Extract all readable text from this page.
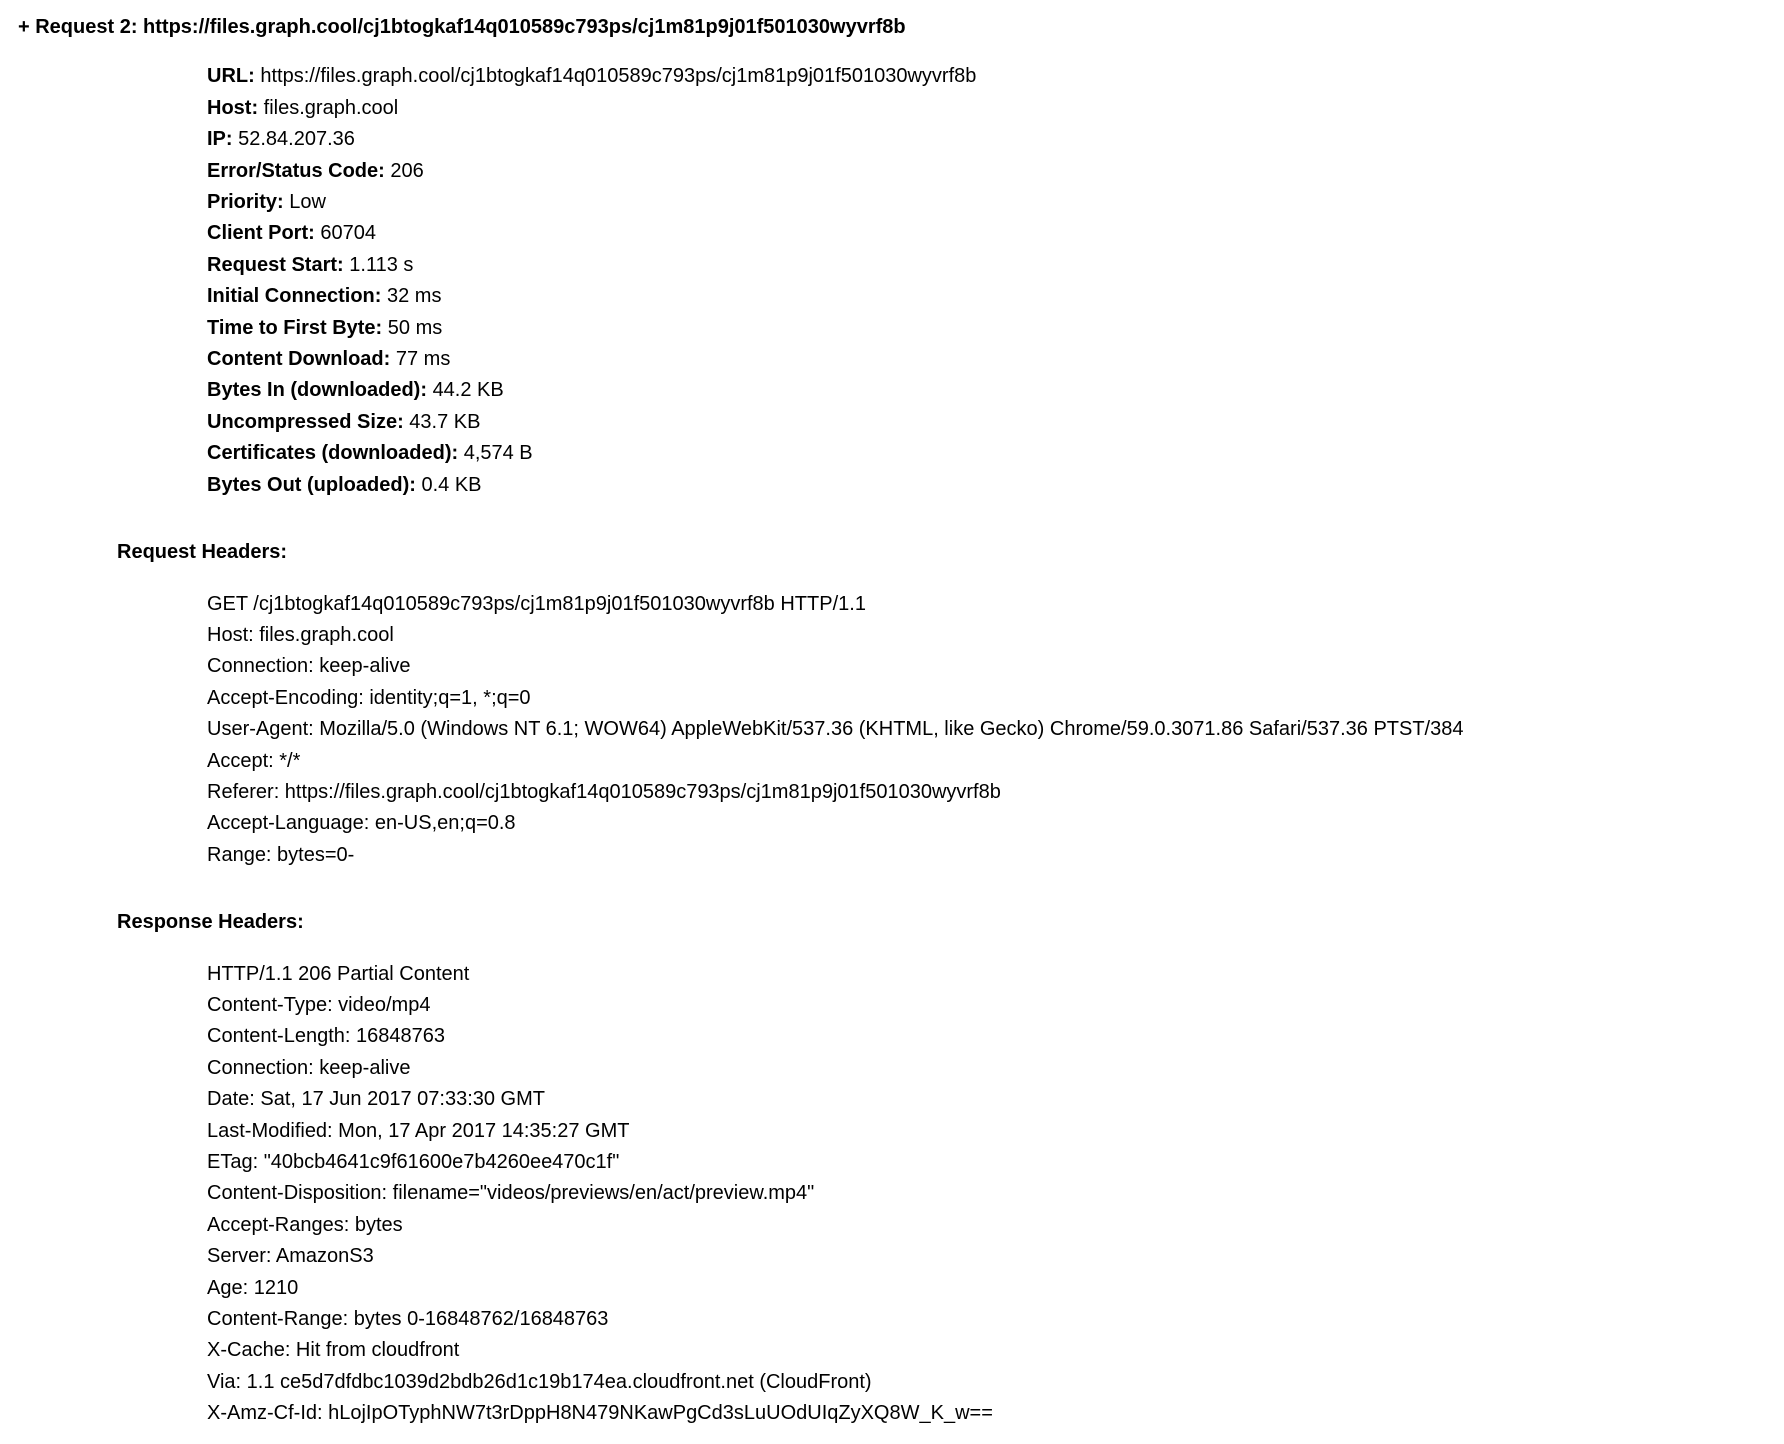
+ Request 2: https://files.graph.cool/cj1btogkaf14q010589c793ps/cj1m81p9j01f501030wyvrf8b
URL: https://files.graph.cool/cj1btogkaf14q010589c793ps/cj1m81p9j01f501030wyvrf8b
Host: files.graph.cool
IP: 52.84.207.36
Error/Status Code: 206
Priority: Low
Client Port: 60704
Request Start: 1.113 s
Initial Connection: 32 ms
Time to First Byte: 50 ms
Content Download: 77 ms
Bytes In (downloaded): 44.2 KB
Uncompressed Size: 43.7 KB
Certificates (downloaded): 4,574 B
Bytes Out (uploaded): 0.4 KB
Request Headers:
GET /cj1btogkaf14q010589c793ps/cj1m81p9j01f501030wyvrf8b HTTP/1.1
Host: files.graph.cool
Connection: keep-alive
Accept-Encoding: identity;q=1, *;q=0
User-Agent: Mozilla/5.0 (Windows NT 6.1; WOW64) AppleWebKit/537.36 (KHTML, like Gecko) Chrome/59.0.3071.86 Safari/537.36 PTST/384
Accept: */*
Referer: https://files.graph.cool/cj1btogkaf14q010589c793ps/cj1m81p9j01f501030wyvrf8b
Accept-Language: en-US,en;q=0.8
Range: bytes=0-
Response Headers:
HTTP/1.1 206 Partial Content
Content-Type: video/mp4
Content-Length: 16848763
Connection: keep-alive
Date: Sat, 17 Jun 2017 07:33:30 GMT
Last-Modified: Mon, 17 Apr 2017 14:35:27 GMT
ETag: "40bcb4641c9f61600e7b4260ee470c1f"
Content-Disposition: filename="videos/previews/en/act/preview.mp4"
Accept-Ranges: bytes
Server: AmazonS3
Age: 1210
Content-Range: bytes 0-16848762/16848763
X-Cache: Hit from cloudfront
Via: 1.1 ce5d7dfdbc1039d2bdb26d1c19b174ea.cloudfront.net (CloudFront)
X-Amz-Cf-Id: hLojIpOTyphNW7t3rDppH8N479NKawPgCd3sLuUOdUIqZyXQ8W_K_w==
